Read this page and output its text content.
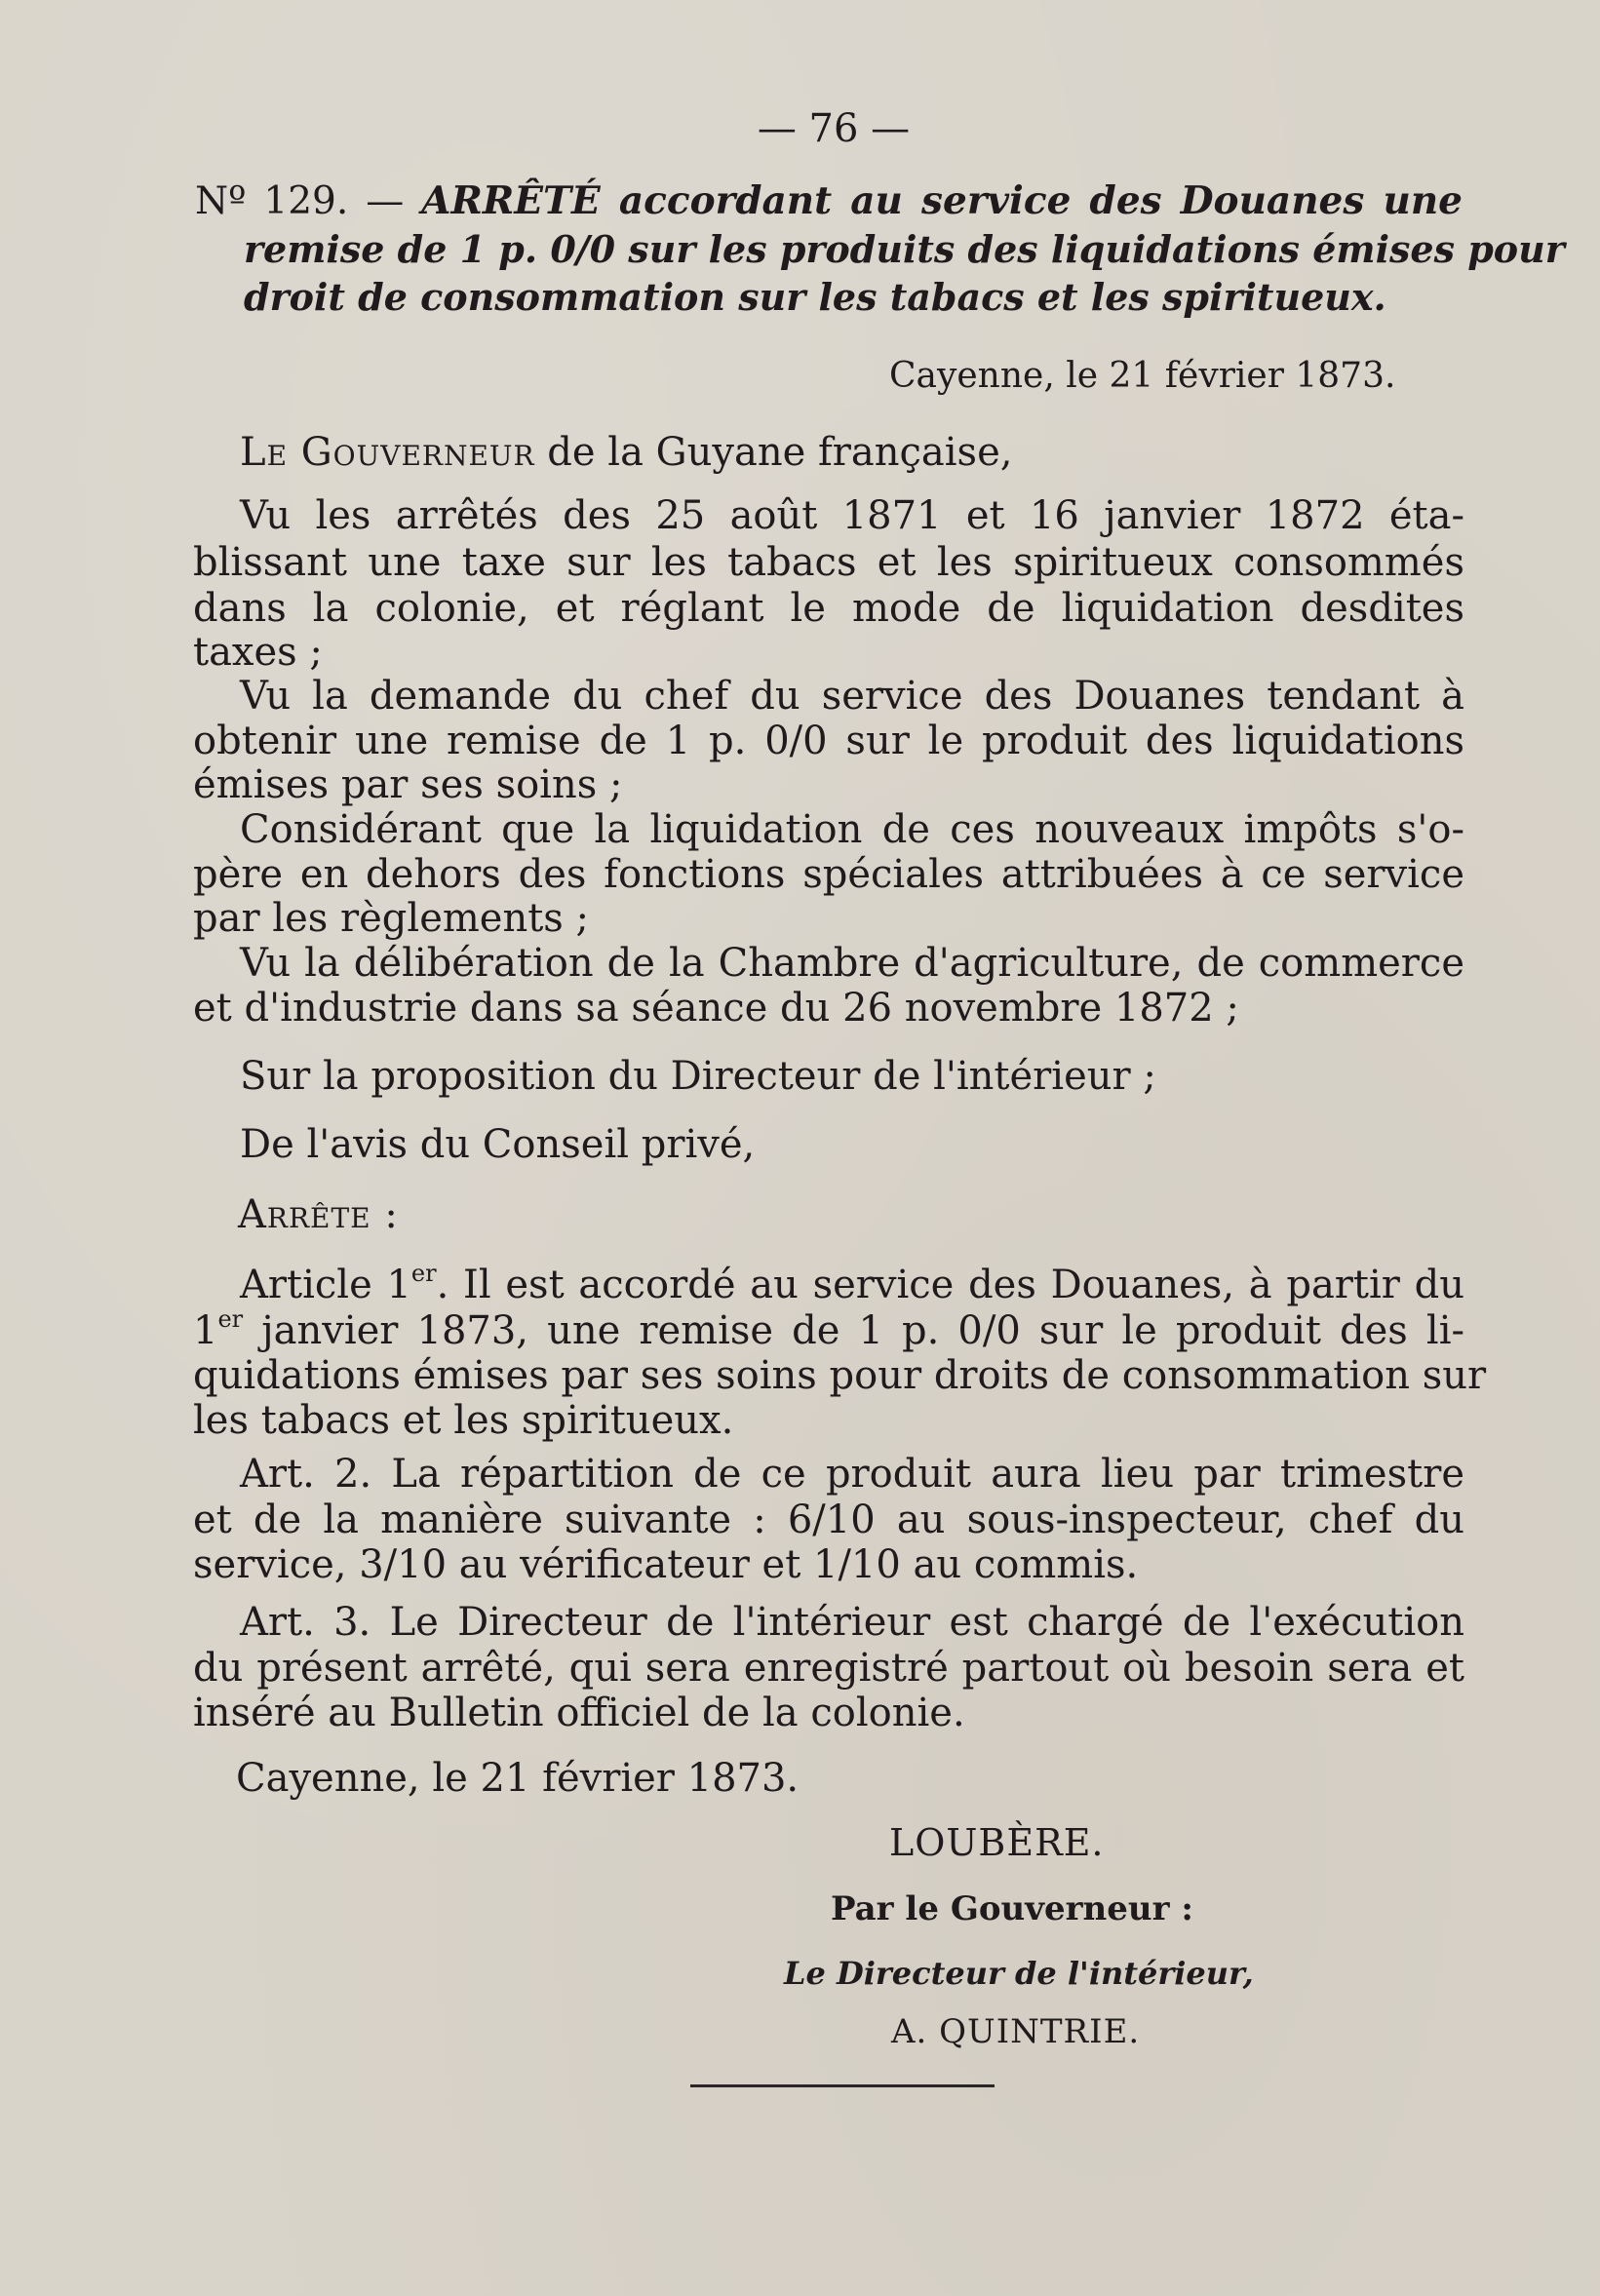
— 76 —
Nº 129. — ARRÊTÉ accordant au service des Douanes une
remise de 1 p. 0/0 sur les produits des liquidations émises pour
droit de consommation sur les tabacs et les spiritueux.
Cayenne, le 21 février 1873.
Le Gouverneur de la Guyane française,
Vu les arrêtés des 25 août 1871 et 16 janvier 1872 éta-
blissant une taxe sur les tabacs et les spiritueux consommés
dans la colonie, et réglant le mode de liquidation desdites
taxes ;
Vu la demande du chef du service des Douanes tendant à
obtenir une remise de 1 p. 0/0 sur le produit des liquidations
émises par ses soins ;
Considérant que la liquidation de ces nouveaux impôts s'o-
père en dehors des fonctions spéciales attribuées à ce service
par les règlements ;
Vu la délibération de la Chambre d'agriculture, de commerce
et d'industrie dans sa séance du 26 novembre 1872 ;
Sur la proposition du Directeur de l'intérieur ;
De l'avis du Conseil privé,
Arrête :
Article 1er. Il est accordé au service des Douanes, à partir du
1er janvier 1873, une remise de 1 p. 0/0 sur le produit des li-
quidations émises par ses soins pour droits de consommation sur
les tabacs et les spiritueux.
Art. 2. La répartition de ce produit aura lieu par trimestre
et de la manière suivante : 6/10 au sous-inspecteur, chef du
service, 3/10 au vérificateur et 1/10 au commis.
Art. 3. Le Directeur de l'intérieur est chargé de l'exécution
du présent arrêté, qui sera enregistré partout où besoin sera et
inséré au Bulletin officiel de la colonie.
Cayenne, le 21 février 1873.
LOUBÈRE.
Par le Gouverneur :
Le Directeur de l'intérieur,
A. QUINTRIE.
